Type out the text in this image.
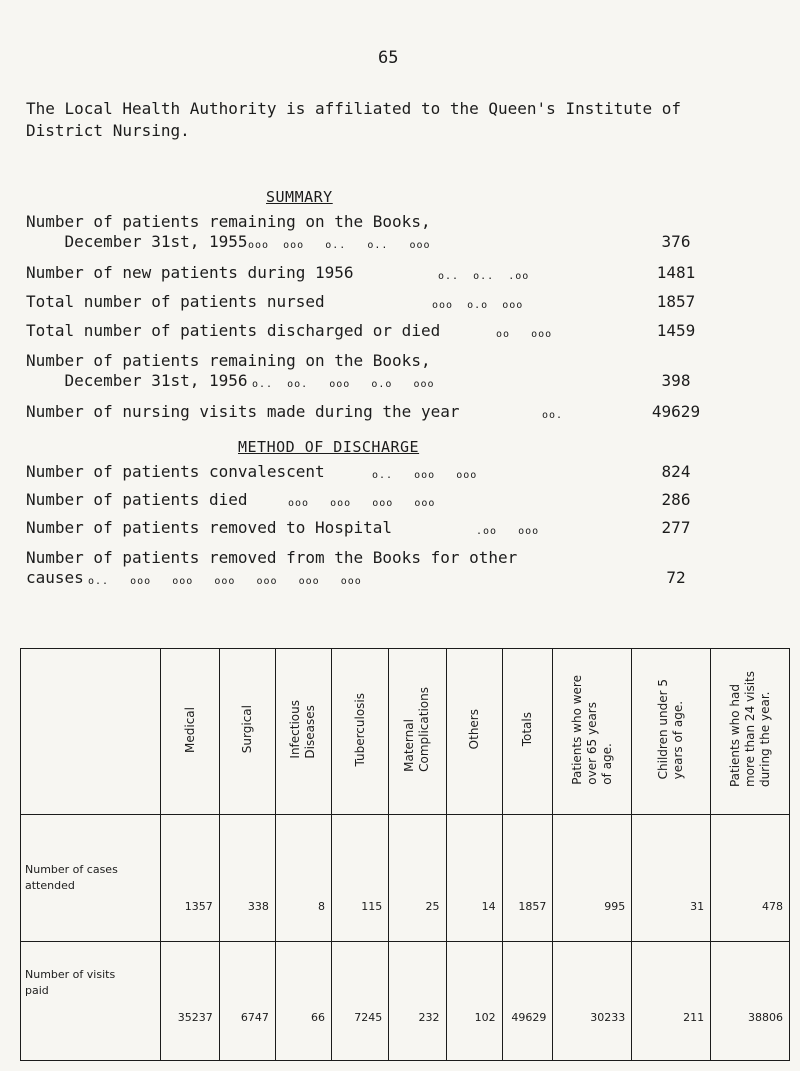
65
The Local Health Authority is affiliated to the Queen's Institute of District Nursing.
SUMMARY
Number of patients remaining on the Books,
December 31st, 1955 ooo  ooo   o..   o..   ooo	376
Number of new patients during 1956	o..  o..  .oo	1481
Total number of patients nursed	ooo  o.o  ooo	1857
Total number of patients discharged or died	oo   ooo	1459
Number of patients remaining on the Books,
December 31st, 1956 o..  oo.   ooo   o.o   ooo	398
Number of nursing visits made during the year	oo.	49629
METHOD OF DISCHARGE
Number of patients convalescent	o..   ooo   ooo	824
Number of patients died	ooo   ooo   ooo   ooo	286
Number of patients removed to Hospital	.oo   ooo	277
Number of patients removed from the Books for other
causes o..   ooo   ooo   ooo   ooo   ooo   ooo	72
	Medical	Surgical	Infectious
Diseases	Tuberculosis	Maternal
Complications	Others	Totals	Patients who were
over 65 years
of age.	Children under 5
years of age.	Patients who had
more than 24 visits
during the year.
Number of cases
attended	1357	338	8	115	25	14	1857	995	31	478
Number of visits
paid	35237	6747	66	7245	232	102	49629	30233	211	38806
